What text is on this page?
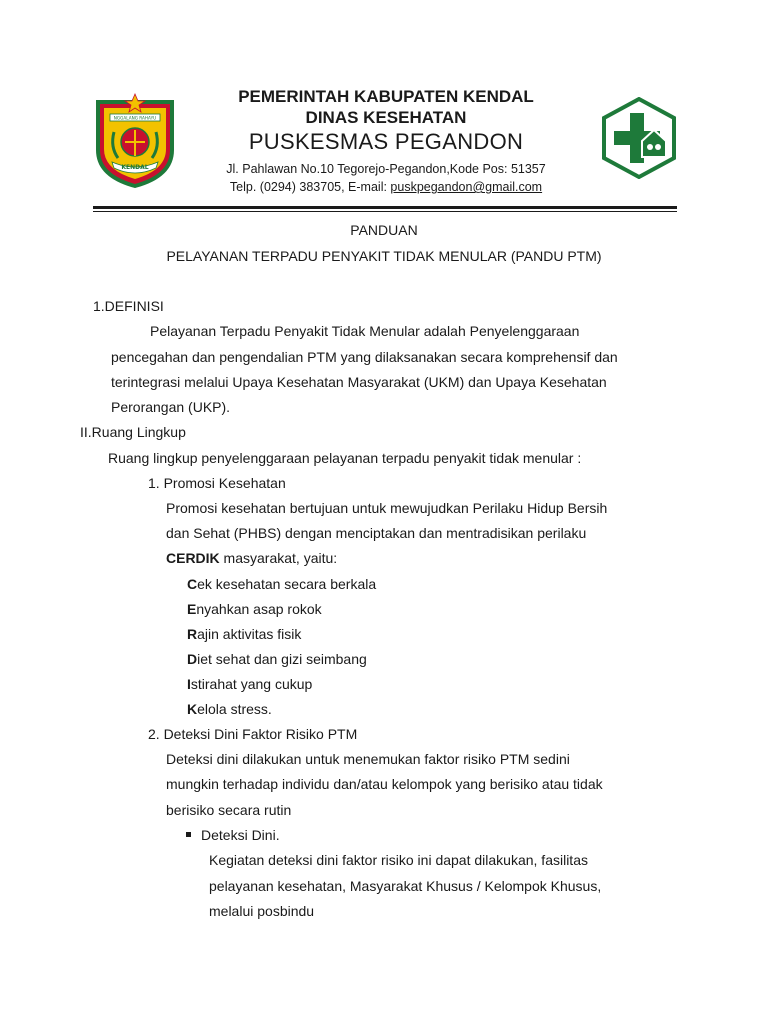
NGGALANG RAHAYU
KENDAL
PEMERINTAH KABUPATEN KENDAL
DINAS KESEHATAN
PUSKESMAS PEGANDON
Jl. Pahlawan No.10 Tegorejo-Pegandon,Kode Pos: 51357
Telp. (0294) 383705, E-mail: puskpegandon@gmail.com
PANDUAN
PELAYANAN TERPADU PENYAKIT TIDAK MENULAR (PANDU PTM)
1.DEFINISI
Pelayanan Terpadu Penyakit Tidak Menular adalah Penyelenggaraan
pencegahan dan pengendalian PTM yang dilaksanakan secara komprehensif dan
terintegrasi melalui Upaya Kesehatan Masyarakat (UKM) dan Upaya Kesehatan
Perorangan (UKP).
II.Ruang Lingkup
Ruang lingkup penyelenggaraan pelayanan terpadu penyakit tidak menular :
1. Promosi Kesehatan
Promosi kesehatan bertujuan untuk mewujudkan Perilaku Hidup Bersih
dan Sehat (PHBS) dengan menciptakan dan mentradisikan perilaku
CERDIK masyarakat, yaitu:
Cek kesehatan secara berkala
Enyahkan asap rokok
Rajin aktivitas fisik
Diet sehat dan gizi seimbang
Istirahat yang cukup
Kelola stress.
2. Deteksi Dini Faktor Risiko PTM
Deteksi dini dilakukan untuk menemukan faktor risiko PTM sedini
mungkin terhadap individu dan/atau kelompok yang berisiko atau tidak
berisiko secara rutin
Deteksi Dini.
Kegiatan deteksi dini faktor risiko ini dapat dilakukan, fasilitas
pelayanan kesehatan, Masyarakat Khusus / Kelompok Khusus,
melalui posbindu
